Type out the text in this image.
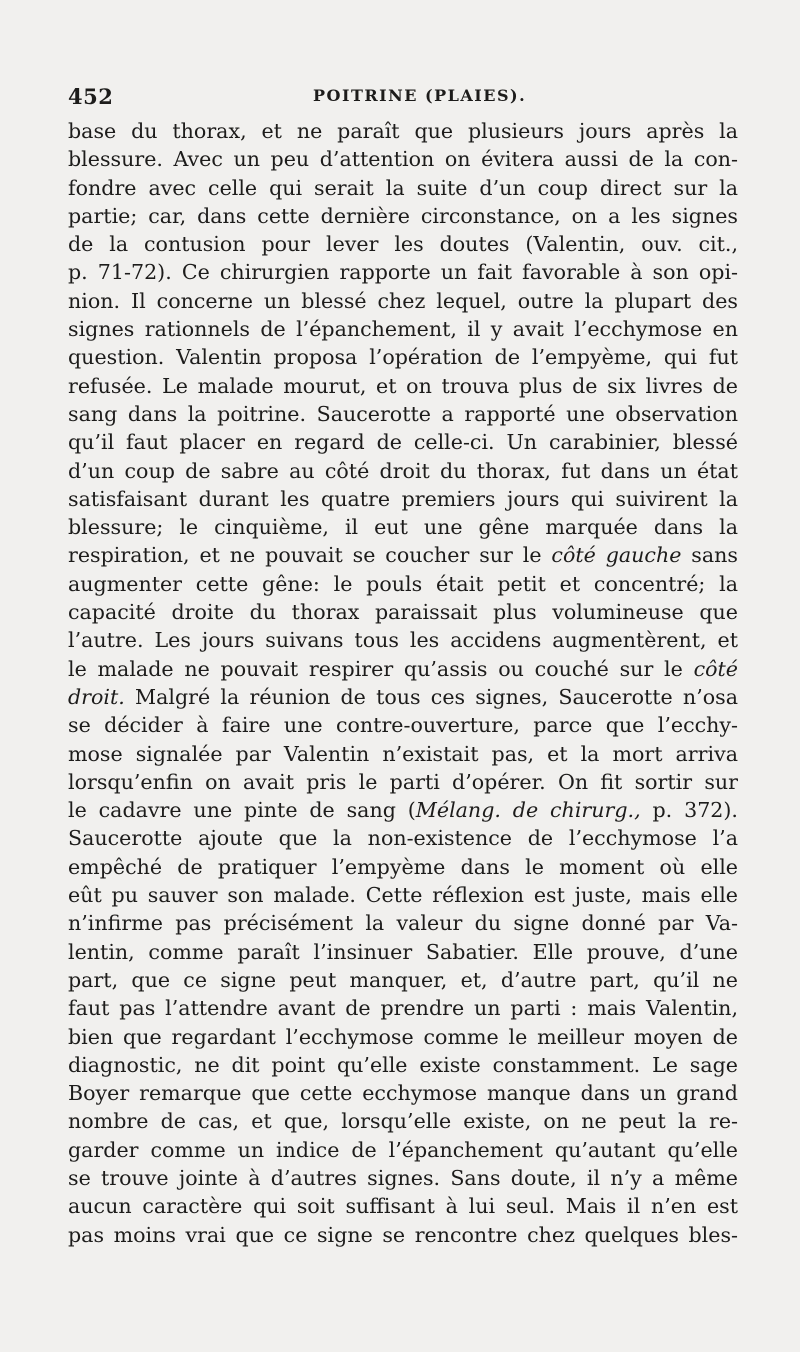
452	POITRINE (PLAIES).
base du thorax, et ne paraît que plusieurs jours après la
blessure. Avec un peu d’attention on évitera aussi de la con-
fondre avec celle qui serait la suite d’un coup direct sur la
partie; car, dans cette dernière circonstance, on a les signes
de la contusion pour lever les doutes (Valentin, ouv. cit.,
p. 71-72). Ce chirurgien rapporte un fait favorable à son opi-
nion. Il concerne un blessé chez lequel, outre la plupart des
signes rationnels de l’épanchement, il y avait l’ecchymose en
question. Valentin proposa l’opération de l’empyème, qui fut
refusée. Le malade mourut, et on trouva plus de six livres de
sang dans la poitrine. Saucerotte a rapporté une observation
qu’il faut placer en regard de celle-ci. Un carabinier, blessé
d’un coup de sabre au côté droit du thorax, fut dans un état
satisfaisant durant les quatre premiers jours qui suivirent la
blessure; le cinquième, il eut une gêne marquée dans la
respiration, et ne pouvait se coucher sur le côté gauche sans
augmenter cette gêne: le pouls était petit et concentré; la
capacité droite du thorax paraissait plus volumineuse que
l’autre. Les jours suivans tous les accidens augmentèrent, et
le malade ne pouvait respirer qu’assis ou couché sur le côté
droit. Malgré la réunion de tous ces signes, Saucerotte n’osa
se décider à faire une contre-ouverture, parce que l’ecchy-
mose signalée par Valentin n’existait pas, et la mort arriva
lorsqu’enfin on avait pris le parti d’opérer. On fit sortir sur
le cadavre une pinte de sang (Mélang. de chirurg., p. 372).
Saucerotte ajoute que la non-existence de l’ecchymose l’a
empêché de pratiquer l’empyème dans le moment où elle
eût pu sauver son malade. Cette réflexion est juste, mais elle
n’infirme pas précisément la valeur du signe donné par Va-
lentin, comme paraît l’insinuer Sabatier. Elle prouve, d’une
part, que ce signe peut manquer, et, d’autre part, qu’il ne
faut pas l’attendre avant de prendre un parti : mais Valentin,
bien que regardant l’ecchymose comme le meilleur moyen de
diagnostic, ne dit point qu’elle existe constamment. Le sage
Boyer remarque que cette ecchymose manque dans un grand
nombre de cas, et que, lorsqu’elle existe, on ne peut la re-
garder comme un indice de l’épanchement qu’autant qu’elle
se trouve jointe à d’autres signes. Sans doute, il n’y a même
aucun caractère qui soit suffisant à lui seul. Mais il n’en est
pas moins vrai que ce signe se rencontre chez quelques bles-
